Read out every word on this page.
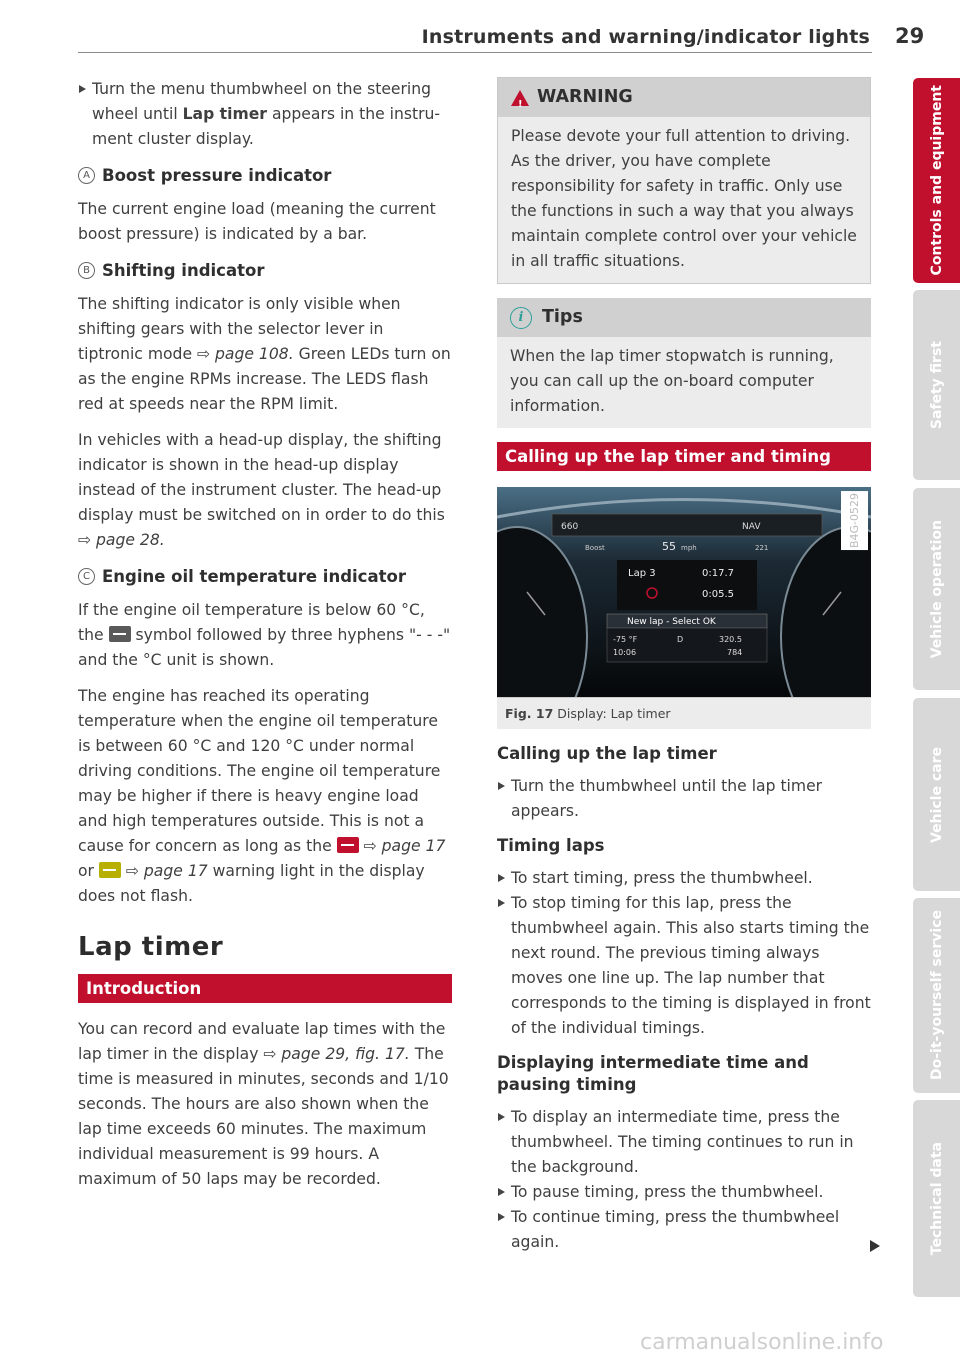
Instruments and warning/indicator lights 29

Turn the menu thumbwheel on the steering wheel until Lap timer appears in the instru-ment cluster display.

A Boost pressure indicator

The current engine load (meaning the current boost pressure) is indicated by a bar.

B Shifting indicator

The shifting indicator is only visible when shifting gears with the selector lever in tiptronic mode ⇨ page 108. Green LEDs turn on as the engine RPMs increase. The LEDS flash red at speeds near the RPM limit.

In vehicles with a head-up display, the shifting indicator is shown in the head-up display instead of the instrument cluster. The head-up display must be switched on in order to do this ⇨ page 28.

C Engine oil temperature indicator

If the engine oil temperature is below 60 °C, the  symbol followed by three hyphens "- - -" and the °C unit is shown.

The engine has reached its operating temperature when the engine oil temperature is between 60 °C and 120 °C under normal driving conditions. The engine oil temperature may be higher if there is heavy engine load and high temperatures outside. This is not a cause for concern as long as the  ⇨ page 17 or  ⇨ page 17 warning light in the display does not flash.

Lap timer
Introduction

You can record and evaluate lap times with the lap timer in the display ⇨ page 29, fig. 17. The time is measured in minutes, seconds and 1/10 seconds. The hours are also shown when the lap time exceeds 60 minutes. The maximum individual measurement is 99 hours. A maximum of 50 laps may be recorded.

!
WARNING
Please devote your full attention to driving. As the driver, you have complete responsibility for safety in traffic. Only use the functions in such a way that you always maintain complete control over your vehicle in all traffic situations.
i	Tips
When the lap timer stopwatch is running, you can call up the on-board computer information.
Calling up the lap timer and timing
660	NAV
Boost	55 mph	221
Lap 3	0:17.7
0:05.5
New lap - Select OK
-75 °F	D	320.5
10:06	784
B4G-0529
Fig. 17 Display: Lap timer
Calling up the lap timer

Turn the thumbwheel until the lap timer appears.

Timing laps

To start timing, press the thumbwheel.

To stop timing for this lap, press the thumbwheel again. This also starts timing the next round. The previous timing always moves one line up. The lap number that corresponds to the timing is displayed in front of the individual timings.

Displaying intermediate time and pausing timing

To display an intermediate time, press the thumbwheel. The timing continues to run in the background.

To pause timing, press the thumbwheel.

To continue timing, press the thumbwheel again.

Controls and equipment
Safety first
Vehicle operation
Vehicle care
Do-it-yourself service
Technical data
carmanualsonline.info
